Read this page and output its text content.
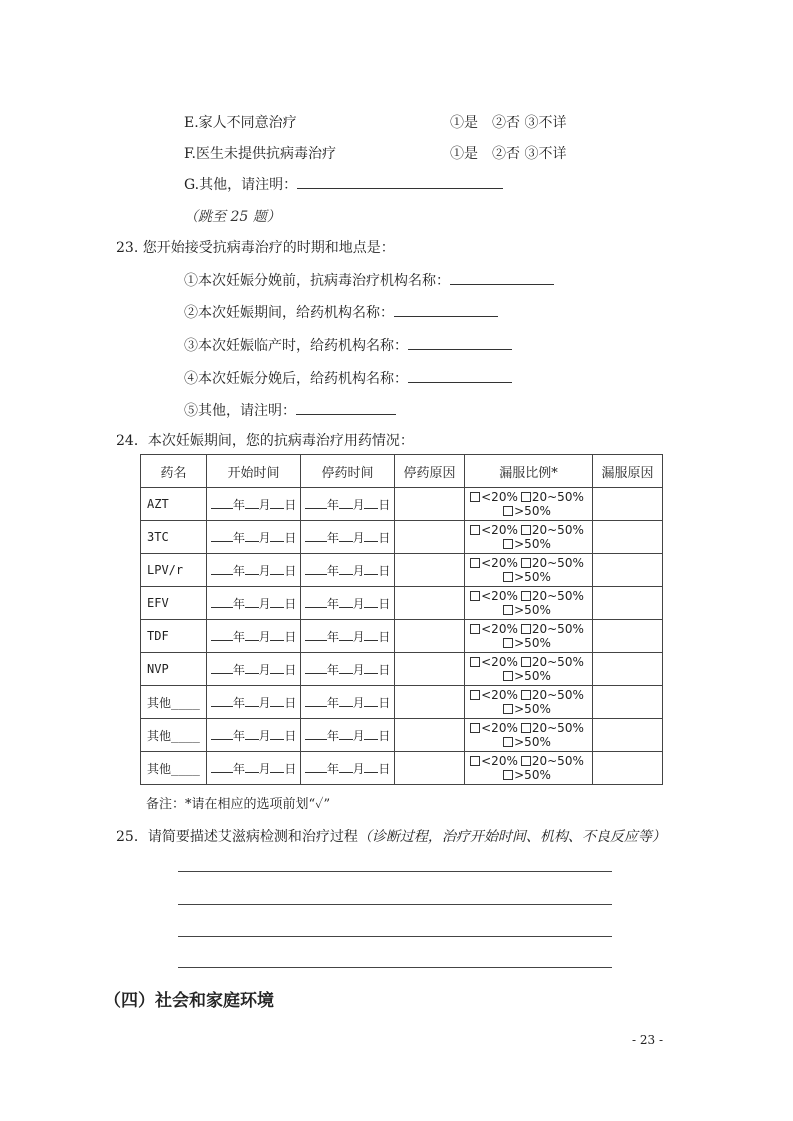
E.家人不同意治疗	①是　②否 ③不详
F.医生未提供抗病毒治疗	①是　②否 ③不详
G.其他，请注明：
（跳至 25 题）
23. 您开始接受抗病毒治疗的时期和地点是：
①本次妊娠分娩前，抗病毒治疗机构名称：
②本次妊娠期间，给药机构名称：
③本次妊娠临产时，给药机构名称：
④本次妊娠分娩后，给药机构名称：
⑤其他，请注明：
24．本次妊娠期间，您的抗病毒治疗用药情况：
药名	开始时间	停药时间	停药原因	漏服比例*	漏服原因
AZT	年 月 日	年 月 日		<20% 20~50%>50%	
3TC	年 月 日	年 月 日		<20% 20~50%>50%	
LPV/r	年 月 日	年 月 日		<20% 20~50%>50%	
EFV	年 月 日	年 月 日		<20% 20~50%>50%	
TDF	年 月 日	年 月 日		<20% 20~50%>50%	
NVP	年 月 日	年 月 日		<20% 20~50%>50%	
其他____	年 月 日	年 月 日		<20% 20~50%>50%	
其他____	年 月 日	年 月 日		<20% 20~50%>50%	
其他____	年 月 日	年 月 日		<20% 20~50%>50%	
备注：*请在相应的选项前划“✓”
25．请简要描述艾滋病检测和治疗过程（诊断过程，治疗开始时间、机构、不良反应等）
（四）社会和家庭环境
- 23 -
